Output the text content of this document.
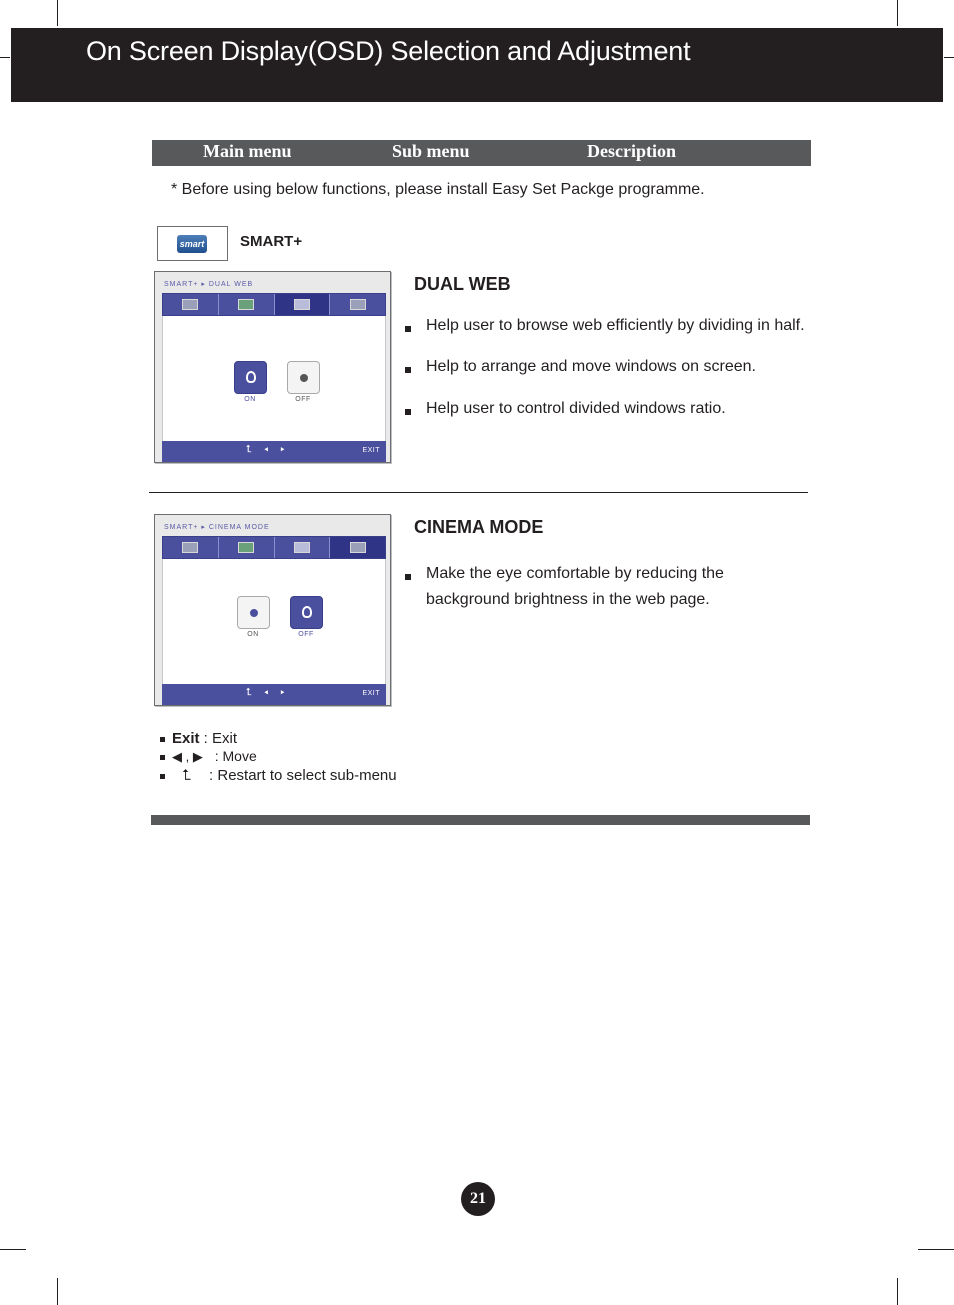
On Screen Display(OSD) Selection and Adjustment
Main menu	Sub menu	Description
* Before using below functions, please install Easy Set Packge programme.
smart SMART+
SMART+ ▸ DUAL WEB
ON	OFF
⮤◂▸	EXIT
DUAL WEB
Help user to browse web efficiently by dividing in half.
Help to arrange and move windows on screen.
Help user to control divided windows ratio.
SMART+ ▸ CINEMA MODE
ON	OFF
⮤◂▸	EXIT
CINEMA MODE
Make the eye comfortable by reducing the
background brightness in the web page.
Exit : Exit
◀ , ▶ : Move
⮤ : Restart to select sub-menu
21
